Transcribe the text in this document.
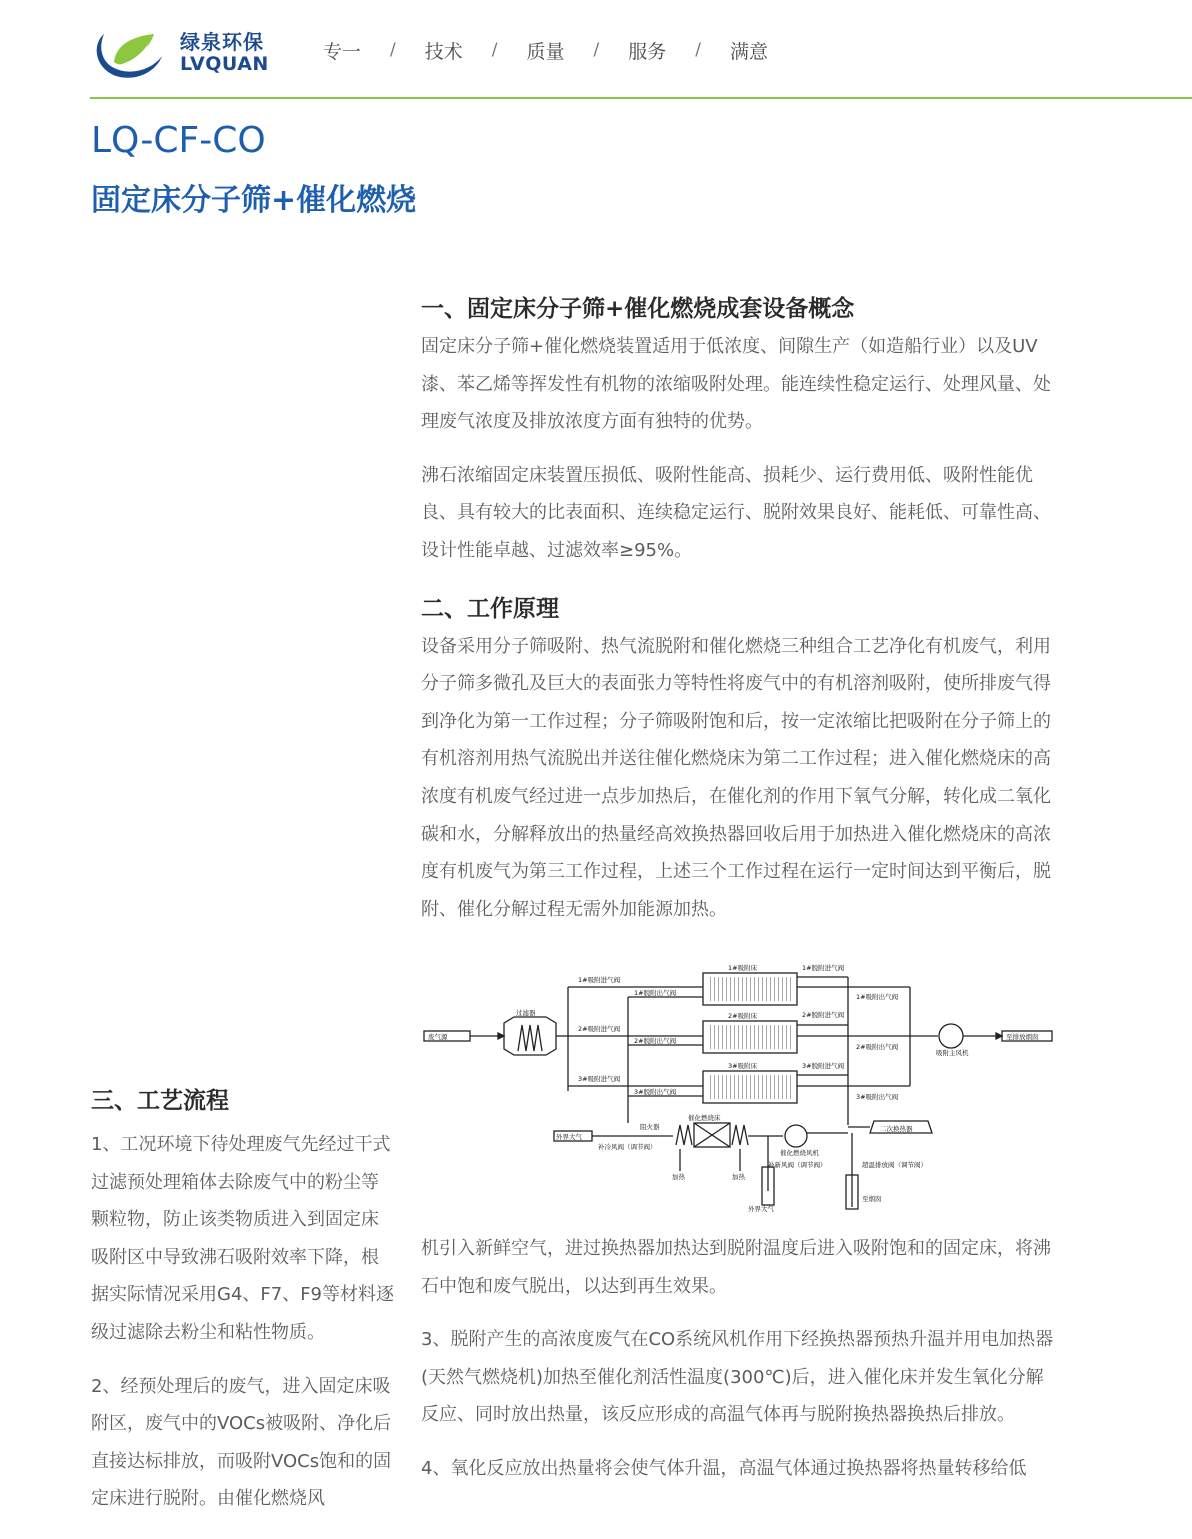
绿泉环保
LVQUAN
专一 / 技术 / 质量 / 服务 / 满意
LQ-CF-CO
固定床分子筛+催化燃烧
一、固定床分子筛+催化燃烧成套设备概念

固定床分子筛+催化燃烧装置适用于低浓度、间隙生产（如造船行业）以及UV漆、苯乙烯等挥发性有机物的浓缩吸附处理。能连续性稳定运行、处理风量、处理废气浓度及排放浓度方面有独特的优势。

沸石浓缩固定床装置压损低、吸附性能高、损耗少、运行费用低、吸附性能优良、具有较大的比表面积、连续稳定运行、脱附效果良好、能耗低、可靠性高、设计性能卓越、过滤效率≥95%。

二、工作原理

设备采用分子筛吸附、热气流脱附和催化燃烧三种组合工艺净化有机废气，利用分子筛多微孔及巨大的表面张力等特性将废气中的有机溶剂吸附，使所排废气得到净化为第一工作过程；分子筛吸附饱和后，按一定浓缩比把吸附在分子筛上的有机溶剂用热气流脱出并送往催化燃烧床为第二工作过程；进入催化燃烧床的高浓度有机废气经过进一点步加热后，在催化剂的作用下氧气分解，转化成二氧化碳和水，分解释放出的热量经高效换热器回收后用于加热进入催化燃烧床的高浓度有机废气为第三工作过程，上述三个工作过程在运行一定时间达到平衡后，脱附、催化分解过程无需外加能源加热。

废气源
过滤器
1#吸附进气阀
2#吸附进气阀
3#吸附进气阀
1#脱附出气阀
2#脱附出气阀
3#脱附出气阀
1#吸附床
2#吸附床
3#吸附床
1#脱附进气阀
2#脱附进气阀
3#脱附进气阀
1#吸附出气阀
2#吸附出气阀
3#吸附出气阀
吸附主风机
至排放烟囱
外界大气
阻火器
补冷风阀（调节阀）
催化燃烧床
催化燃烧风机
补新风阀（调节阀）
二次换热器
超温排放阀（调节阀）
外界大气
至烟囱
加热	加热

机引入新鲜空气，进过换热器加热达到脱附温度后进入吸附饱和的固定床，将沸石中饱和废气脱出，以达到再生效果。

3、脱附产生的高浓度废气在CO系统风机作用下经换热器预热升温并用电加热器(天然气燃烧机)加热至催化剂活性温度(300℃)后，进入催化床并发生氧化分解反应、同时放出热量，该反应形成的高温气体再与脱附换热器换热后排放。

4、氧化反应放出热量将会使气体升温，高温气体通过换热器将热量转移给低

三、工艺流程

1、工况环境下待处理废气先经过干式过滤预处理箱体去除废气中的粉尘等颗粒物，防止该类物质进入到固定床吸附区中导致沸石吸附效率下降，根据实际情况采用G4、F7、F9等材料逐级过滤除去粉尘和粘性物质。

2、经预处理后的废气，进入固定床吸附区，废气中的VOCs被吸附、净化后直接达标排放，而吸附VOCs饱和的固定床进行脱附。由催化燃烧风
